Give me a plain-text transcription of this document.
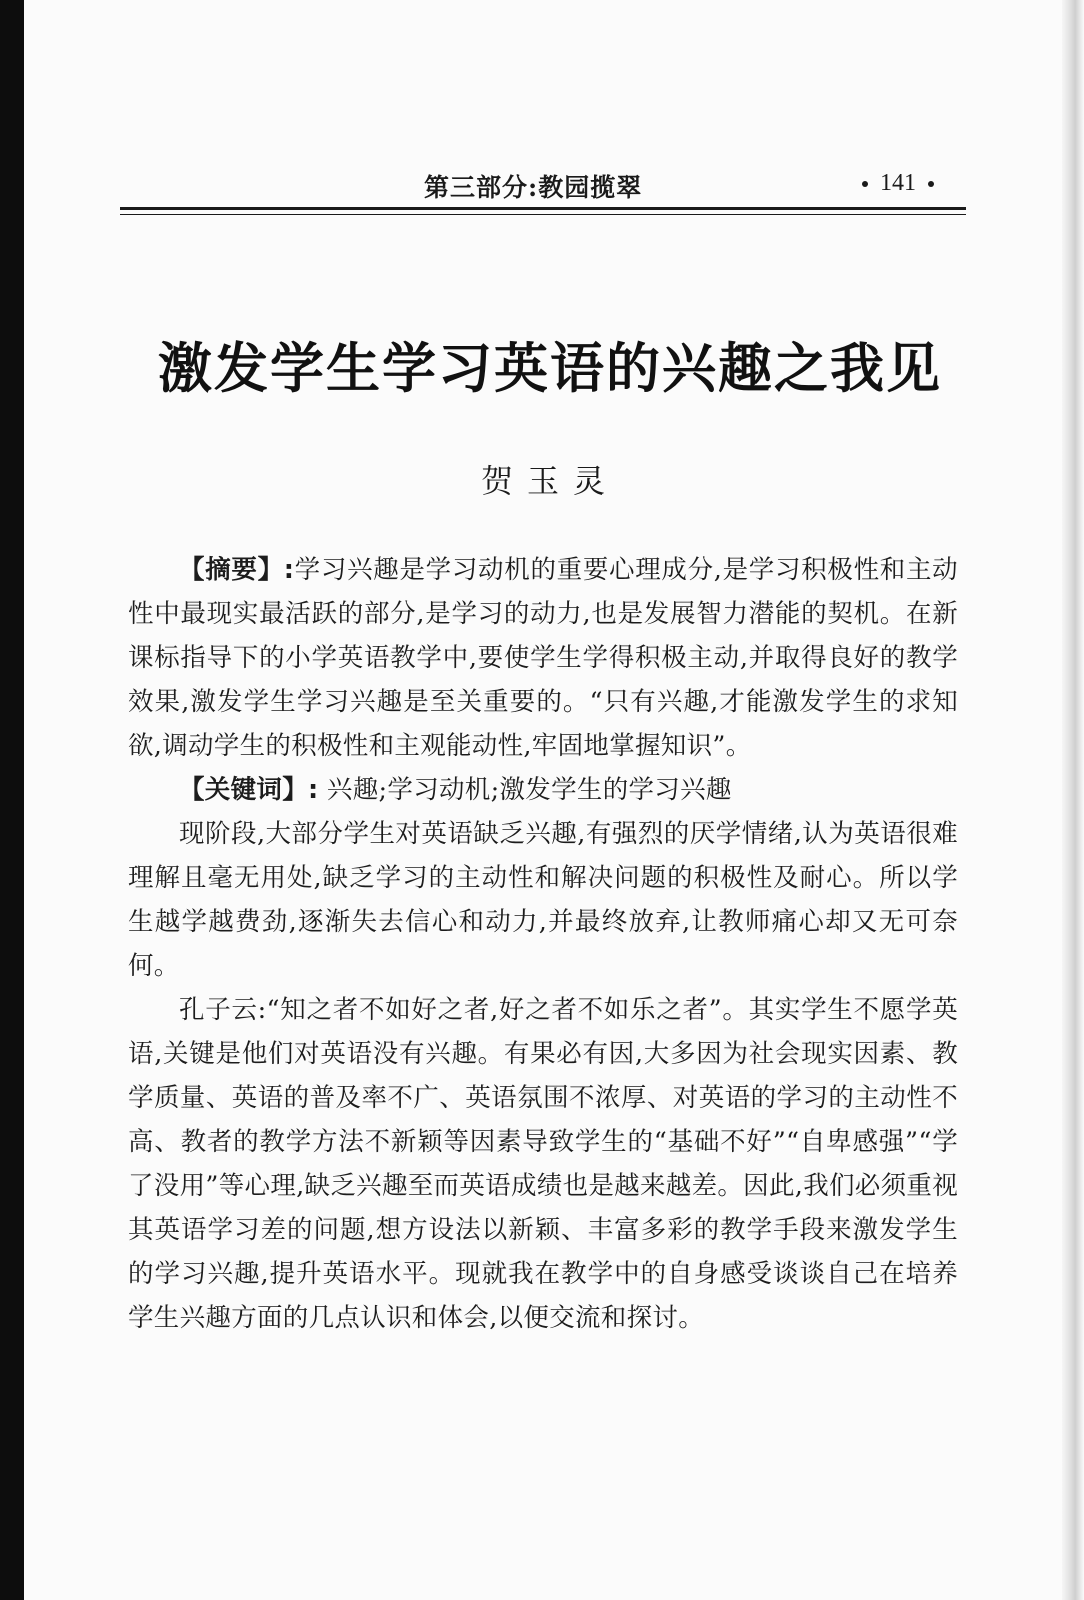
第三部分:教园揽翠	141
激发学生学习英语的兴趣之我见
贺玉灵

【摘要】:学习兴趣是学习动机的重要心理成分,是学习积极性和主动性中最现实最活跃的部分,是学习的动力,也是发展智力潜能的契机。在新课标指导下的小学英语教学中,要使学生学得积极主动,并取得良好的教学效果,激发学生学习兴趣是至关重要的。“只有兴趣,才能激发学生的求知欲,调动学生的积极性和主观能动性,牢固地掌握知识”。

【关键词】: 兴趣;学习动机;激发学生的学习兴趣

现阶段,大部分学生对英语缺乏兴趣,有强烈的厌学情绪,认为英语很难理解且毫无用处,缺乏学习的主动性和解决问题的积极性及耐心。所以学生越学越费劲,逐渐失去信心和动力,并最终放弃,让教师痛心却又无可奈何。

孔子云:“知之者不如好之者,好之者不如乐之者”。其实学生不愿学英语,关键是他们对英语没有兴趣。有果必有因,大多因为社会现实因素、教学质量、英语的普及率不广、英语氛围不浓厚、对英语的学习的主动性不高、教者的教学方法不新颖等因素导致学生的“基础不好”“自卑感强”“学了没用”等心理,缺乏兴趣至而英语成绩也是越来越差。因此,我们必须重视其英语学习差的问题,想方设法以新颖、丰富多彩的教学手段来激发学生的学习兴趣,提升英语水平。现就我在教学中的自身感受谈谈自己在培养学生兴趣方面的几点认识和体会,以便交流和探讨。
